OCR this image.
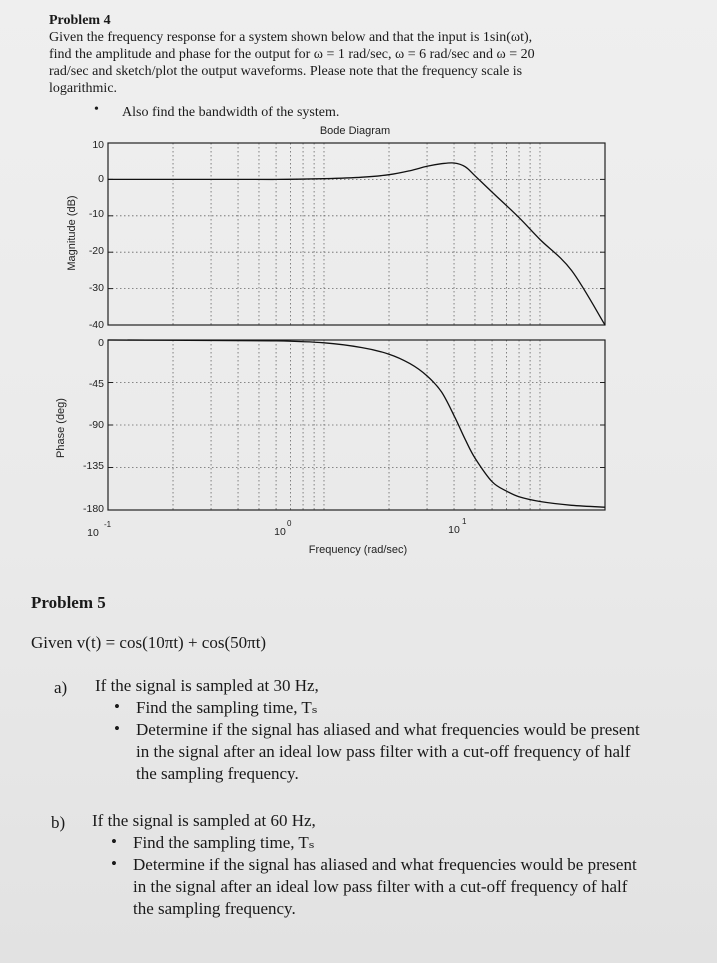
Problem 4
Given the frequency response for a system shown below and that the input is 1sin(ωt),
find the amplitude and phase for the output for ω = 1 rad/sec, ω = 6 rad/sec and ω = 20
rad/sec and sketch/plot the output waveforms. Please note that the frequency scale is
logarithmic.
• Also find the bandwidth of the system.
Bode Diagram
Magnitude (dB)
Phase (deg)
Frequency (rad/sec)
10
0
-10
-20
-30
-40
0
-45
-90
-135
-180
10
-1
10
0
10
1
Problem 5
Given v(t) = cos(10πt) + cos(50πt)
a) If the signal is sampled at 30 Hz,
• Find the sampling time, Tₛ
• Determine if the signal has aliased and what frequencies would be present
in the signal after an ideal low pass filter with a cut-off frequency of half
the sampling frequency.
b) If the signal is sampled at 60 Hz,
• Find the sampling time, Tₛ
• Determine if the signal has aliased and what frequencies would be present
in the signal after an ideal low pass filter with a cut-off frequency of half
the sampling frequency.
